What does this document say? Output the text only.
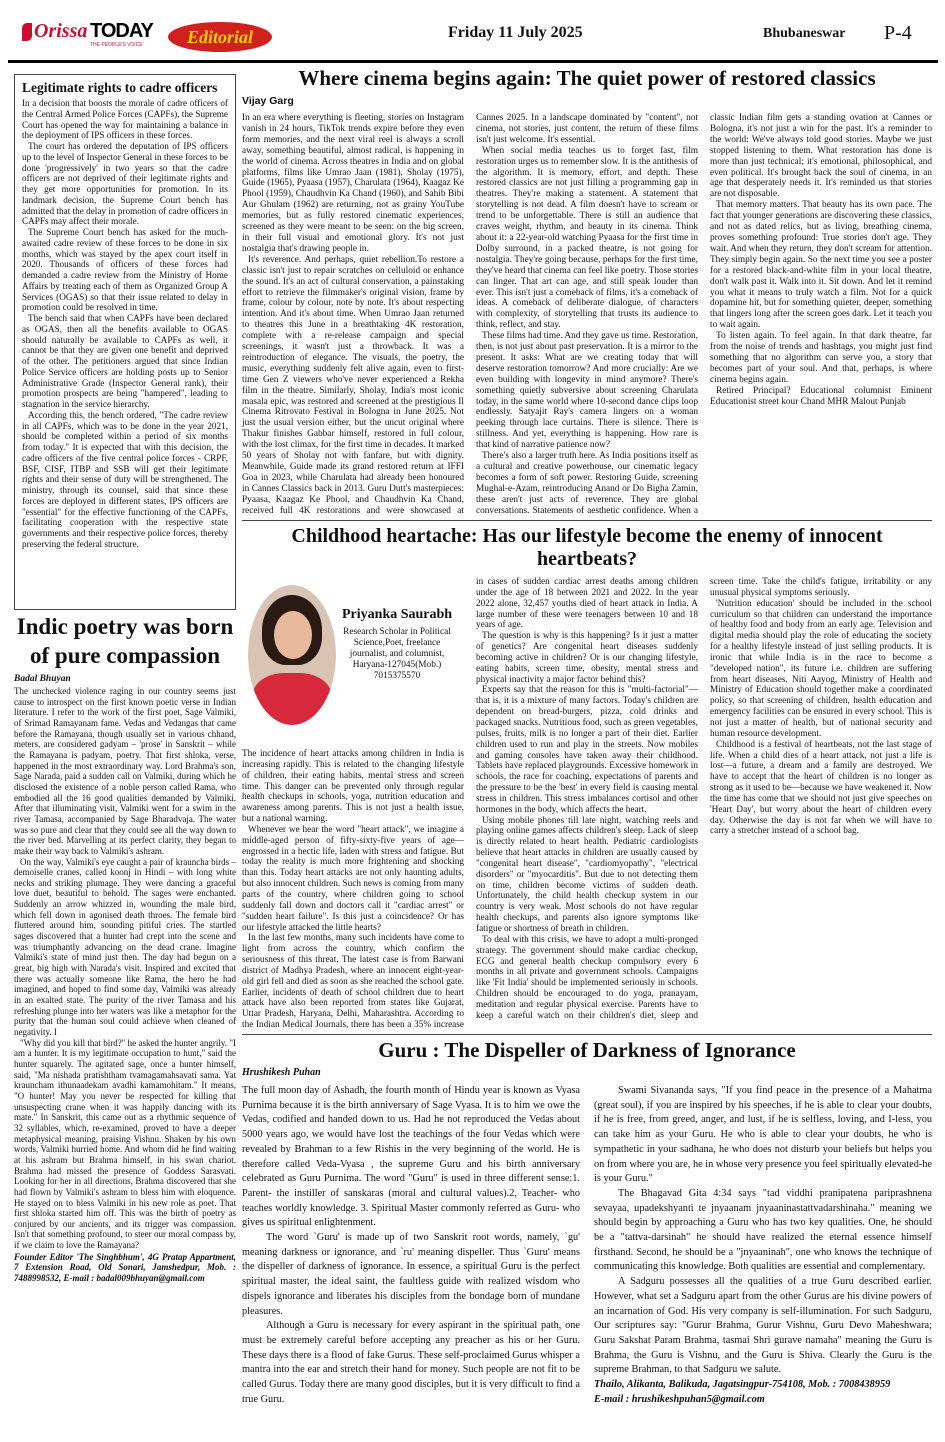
Orissa TODAY
THE PEOPLE'S VOICE Editorial	Friday 11 July 2025	Bhubaneswar P-4
Legitimate rights to cadre officers

In a decision that boosts the morale of cadre officers of the Central Armed Police Forces (CAPFs), the Supreme Court has opened the way for maintaining a balance in the deployment of IPS officers in these forces.

The court has ordered the deputation of IPS officers up to the level of Inspector General in these forces to be done 'progressively' in two years so that the cadre officers are not deprived of their legitimate rights and they get more opportunities for promotion. In its landmark decision, the Supreme Court bench has admitted that the delay in promotion of cadre officers in CAPFs may affect their morale.

The Supreme Court bench has asked for the much-awaited cadre review of these forces to be done in six months, which was stayed by the apex court itself in 2020. Thousands of officers of these forces had demanded a cadre review from the Ministry of Home Affairs by treating each of them as Organized Group A Services (OGAS) so that their issue related to delay in promotion could be resolved in time.

The bench said that when CAPFs have been declared as OGAS, then all the benefits available to OGAS should naturally be available to CAPFs as well, it cannot be that they are given one benefit and deprived of the other. The petitioners argued that since Indian Police Service officers are holding posts up to Senior Administrative Grade (Inspector General rank), their promotion prospects are being "hampered", leading to stagnation in the service hierarchy.

According this, the bench ordered, "The cadre review in all CAPFs, which was to be done in the year 2021, should be completed within a period of six months from today." It is expected that with this decision, the cadre officers of the five central police forces - CRPF, BSF, CISF, ITBP and SSB will get their legitimate rights and their sense of duty will be strengthened. The ministry, through its counsel, said that since these forces are deployed in different states, IPS officers are "essential" for the effective functioning of the CAPFs, facilitating cooperation with the respective state governments and their respective police forces, thereby preserving the federal structure.

Indic poetry was born of pure compassion
Badal Bhuyan

The unchecked violence raging in our country seems just cause to introspect on the first known poetic verse in Indian literature. I refer to the work of the first poet, Sage Valmiki, of Srimad Ramayanam fame. Vedas and Vedangas that came before the Ramayana, though usually set in various chhand, meters, are considered gadyam – 'prose' in Sanskrit – while the Ramayana is padyam, poetry. That first shloka, verse, happened in the most extraordinary way. Lord Brahma's son, Sage Narada, paid a sudden call on Valmiki, during which he disclosed the existence of a noble person called Rama, who embodied all the 16 good qualities demanded by Valmiki. After that illuminating visit, Valmiki went for a swim in the river Tamasa, accompanied by Sage Bharadvaja. The water was so pure and clear that they could see all the way down to the river bed. Marvelling at its perfect clarity, they began to make their way back to Valmiki's ashram.

On the way, Valmiki's eye caught a pair of krauncha birds – demoiselle cranes, called koonj in Hindi – with long white necks and striking plumage. They were dancing a graceful love duet, beautiful to behold. The sages were enchanted. Suddenly an arrow whizzed in, wounding the male bird, which fell down in agonised death throes. The female bird fluttered around him, sounding pitiful cries. The startled sages discovered that a hunter had crept into the scene and was triumphantly advancing on the dead crane. Imagine Valmiki's state of mind just then. The day had begun on a great, big high with Narada's visit. Inspired and excited that there was actually someone like Rama, the hero he had imagined, and hoped to find some day, Valmiki was already in an exalted state. The purity of the river Tamasa and his refreshing plunge into her waters was like a metaphor for the purity that the human soul could achieve when cleaned of negativity. I

"Why did you kill that bird?" he asked the hunter angrily. "I am a hunter. It is my legitimate occupation to hunt," said the hunter squarely. The agitated sage, once a hunter himself, said, "Ma nishada pratishtham tvamagamahsavati sama. Yat krauncham ithunaadekam avadhi kamamohitam." It means, "O hunter! May you never be respected for killing that unsuspecting crane when it was happily dancing with its mate." In Sanskrit, this came out as a rhythmic sequence of 32 syllables, which, re-examined, proved to have a deeper metaphysical meaning, praising Vishnu. Shaken by his own words, Valmiki hurried home. And whom did he find waiting at his ashram but Brahma himself, in his swan chariot. Brahma had missed the presence of Goddess Sarasvati. Looking for her in all directions, Brahma discovered that she had flown by Valmiki's ashram to bless him with eloquence. He stayed on to bless Valmiki in his new role as poet. That first shloka started him off. This was the birth of poetry as conjured by our ancients, and its trigger was compassion. Isn't that something profound, to steer our moral compass by, if we claim to love the Ramayana?

Founder Editor 'The Singhbhum', 4G Pratap Appartment, 7 Extension Road, Old Sonari, Jamshedpur, Mob. : 7488998532, E-mail : badal009bhuyan@gmail.com

Where cinema begins again: The quiet power of restored classics
Vijay Garg

In an era where everything is fleeting, stories on Instagram vanish in 24 hours, TikTok trends expire before they even form memories, and the next viral reel is always a scroll away, something beautiful, almost radical, is happening in the world of cinema. Across theatres in India and on global platforms, films like Umrao Jaan (1981), Sholay (1975), Guide (1965), Pyaasa (1957), Charulata (1964), Kaagaz Ke Phool (1959), Chaudhvin Ka Chand (1960), and Sahib Bibi Aur Ghulam (1962) are returning, not as grainy YouTube memories, but as fully restored cinematic experiences, screened as they were meant to be seen: on the big screen, in their full visual and emotional glory. It's not just nostalgia that's drawing people in.

It's reverence. And perhaps, quiet rebellion.To restore a classic isn't just to repair scratches on celluloid or enhance the sound. It's an act of cultural conservation, a painstaking effort to retrieve the filmmaker's original vision, frame by frame, colour by colour, note by note. It's about respecting intention. And it's about time. When Umrao Jaan returned to theatres this June in a breathtaking 4K restoration, complete with a re-release campaign and special screenings, it wasn't just a throwback. It was a reintroduction of elegance. The visuals, the poetry, the music, everything suddenly felt alive again, even to first-time Gen Z viewers who've never experienced a Rekha film in the theatre. Similarly, Sholay, India's most iconic masala epic, was restored and screened at the prestigious Il Cinema Ritrovato Festival in Bologna in June 2025. Not just the usual version either, but the uncut original where Thakur finishes Gabbar himself, restored in full colour, with the lost climax, for the first time in decades. It marked 50 years of Sholay not with fanfare, but with dignity. Meanwhile, Guide made its grand restored return at IFFI Goa in 2023, while Charulata had already been honoured in Cannes Classics back in 2013. Guru Dutt's masterpieces: Pyaasa, Kaagaz Ke Phool, and Chaudhvin Ka Chand, received full 4K restorations and were showcased at Cannes 2025. In a landscape dominated by "content", not cinema, not stories, just content, the return of these films isn't just welcome. It's essential.

When social media teaches us to forget fast, film restoration urges us to remember slow. It is the antithesis of the algorithm. It is memory, effort, and depth. These restored classics are not just filling a programming gap in theatres. They're making a statement. A statement that storytelling is not dead. A film doesn't have to scream or trend to be unforgettable. There is still an audience that craves weight, rhythm, and beauty in its cinema. Think about it: a 22-year-old watching Pyaasa for the first time in Dolby surround, in a packed theatre, is not going for nostalgia. They're going because, perhaps for the first time, they've heard that cinema can feel like poetry. Those stories can linger. That art can age, and still speak louder than ever. This isn't just a comeback of films, it's a comeback of ideas. A comeback of deliberate dialogue, of characters with complexity, of storytelling that trusts its audience to think, reflect, and stay.

These films had time. And they gave us time. Restoration, then, is not just about past preservation. It is a mirror to the present. It asks: What are we creating today that will deserve restoration tomorrow? And more crucially: Are we even building with longevity in mind anymore? There's something quietly subversive about screening Charulata today, in the same world where 10-second dance clips loop endlessly. Satyajit Ray's camera lingers on a woman peeking through lace curtains. There is silence. There is stillness. And yet, everything is happening. How rare is that kind of narrative patience now?

There's also a larger truth here. As India positions itself as a cultural and creative powerhouse, our cinematic legacy becomes a form of soft power. Restoring Guide, screening Mughal-e-Azam, reintroducing Anand or Do Bigha Zamin, these aren't just acts of reverence. They are global conversations. Statements of aesthetic confidence. When a classic Indian film gets a standing ovation at Cannes or Bologna, it's not just a win for the past. It's a reminder to the world: We've always told good stories. Maybe we just stopped listening to them. What restoration has done is more than just technical; it's emotional, philosophical, and even political. It's brought back the soul of cinema, in an age that desperately needs it. It's reminded us that stories are not disposable.

That memory matters. That beauty has its own pace. The fact that younger generations are discovering these classics, and not as dated relics, but as living, breathing cinema, proves something profound: True stories don't age. They wait. And when they return, they don't scream for attention. They simply begin again. So the next time you see a poster for a restored black-and-white film in your local theatre, don't walk past it. Walk into it. Sit down. And let it remind you what it means to truly watch a film. Not for a quick dopamine hit, but for something quieter, deeper, something that lingers long after the screen goes dark. Let it teach you to wait again.

To listen again. To feel again. In that dark theatre, far from the noise of trends and hashtags, you might just find something that no algorithm can serve you, a story that becomes part of your soul. And that, perhaps, is where cinema begins again.

Retired Principal? Educational columnist Eminent Educationist street kour Chand MHR Malout Punjab

Childhood heartache: Has our lifestyle become the enemy of innocent heartbeats?
Priyanka Saurabh
Research Scholar in Political Science,Poet, freelance journalist, and columnist, Haryana-127045(Mob.) 7015375570

The incidence of heart attacks among children in India is increasing rapidly. This is related to the changing lifestyle of children, their eating habits, mental stress and screen time. This danger can be prevented only through regular health checkups in schools, yoga, nutrition education and awareness among parents. This is not just a health issue, but a national warning.

Whenever we hear the word "heart attack", we imagine a middle-aged person of fifty-sixty-five years of age—engrossed in a hectic life, laden with stress and fatigue. But today the reality is much more frightening and shocking than this. Today heart attacks are not only haunting adults, but also innocent children. Such news is coming from many parts of the country, where children going to school suddenly fall down and doctors call it "cardiac arrest" or "sudden heart failure". Is this just a coincidence? Or has our lifestyle attacked the little hearts?

In the last few months, many such incidents have come to light from across the country, which confirm the seriousness of this threat. The latest case is from Barwani district of Madhya Pradesh, where an innocent eight-year-old girl fell and died as soon as she reached the school gate. Earlier, incidents of death of school children due to heart attack have also been reported from states like Gujarat, Uttar Pradesh, Haryana, Delhi, Maharashtra. According to the Indian Medical Journals, there has been a 35% increase in cases of sudden cardiac arrest deaths among children under the age of 18 between 2021 and 2022. In the year 2022 alone, 32,457 youths died of heart attack in India. A large number of these were teenagers between 10 and 18 years of age.

The question is why is this happening? Is it just a matter of genetics? Are congenital heart diseases suddenly becoming active in children? Or is our changing lifestyle, eating habits, screen time, obesity, mental stress and physical inactivity a major factor behind this?

Experts say that the reason for this is "multi-factorial"—that is, it is a mixture of many factors. Today's children are dependent on bread-burgers, pizza, cold drinks and packaged snacks. Nutritious food, such as green vegetables, pulses, fruits, milk is no longer a part of their diet. Earlier children used to run and play in the streets. Now mobiles and gaming consoles have taken away their childhood. Tablets have replaced playgrounds. Excessive homework in schools, the race for coaching, expectations of parents and the pressure to be the 'best' in every field is causing mental stress in children. This stress imbalances cortisol and other hormones in the body, which affects the heart.

Using mobile phones till late night, watching reels and playing online games affects children's sleep. Lack of sleep is directly related to heart health. Pediatric cardiologists believe that heart attacks in children are usually caused by "congenital heart disease", "cardiomyopathy", "electrical disorders" or "myocarditis". But due to not detecting them on time, children become victims of sudden death. Unfortunately, the child health checkup system in our country is very weak. Most schools do not have regular health checkups, and parents also ignore symptoms like fatigue or shortness of breath in children.

To deal with this crisis, we have to adopt a multi-pronged strategy. The government should make cardiac checkup, ECG and general health checkup compulsory every 6 months in all private and government schools. Campaigns like 'Fit India' should be implemented seriously in schools. Children should be encouraged to do yoga, pranayam, meditation and regular physical exercise. Parents have to keep a careful watch on their children's diet, sleep and screen time. Take the child's fatigue, irritability or any unusual physical symptoms seriously.

'Nutrition education' should be included in the school curriculum so that children can understand the importance of healthy food and body from an early age. Television and digital media should play the role of educating the society for a healthy lifestyle instead of just selling products. It is ironic that while India is in the race to become a "developed nation", its future i.e. children are suffering from heart diseases. Niti Aayog, Ministry of Health and Ministry of Education should together make a coordinated policy, so that screening of children, health education and emergency facilities can be ensured in every school. This is not just a matter of health, but of national security and human resource development.

Childhood is a festival of heartbeats, not the last stage of life. When a child dies of a heart attack, not just a life is lost—a future, a dream and a family are destroyed. We have to accept that the heart of children is no longer as strong as it used to be—because we have weakened it. Now the time has come that we should not just give speeches on 'Heart Day', but worry about the heart of children every day. Otherwise the day is not far when we will have to carry a stretcher instead of a school bag.

Guru : The Dispeller of Darkness of Ignorance
Hrushikesh Puhan

The full moon day of Ashadh, the fourth month of Hindu year is known as Vyasa Purnima because it is the birth anniversary of Sage Vyasa. It is to him we owe the Vedas, codified and handed down to us. Had he not reproduced the Vedas about 5000 years ago, we would have lost the teachings of the four Vedas which were revealed by Brahman to a few Rishis in the very beginning of the world. He is therefore called Veda-Vyasa , the supreme Guru and his birth anniversary celebrated as Guru Purnima. The word "Guru" is used in three different sense:1. Parent- the instiller of sanskaras (moral and cultural values).2, Teacher- who teaches worldly knowledge. 3. Spiritual Master commonly referred as Guru- who gives us spiritual enlightenment.

The word `Guru' is made up of two Sanskrit root words, namely, `gu' meaning darkness or ignorance, and `ru' meaning dispeller. Thus `Guru' means the dispeller of darkness of ignorance. In essence, a spiritual Guru is the perfect spiritual master, the ideal saint, the faultless guide with realized wisdom who dispels ignorance and liberates his disciples from the bondage born of mundane pleasures.

Although a Guru is necessary for every aspirant in the spiritual path, one must be extremely careful before accepting any preacher as his or her Guru. These days there is a flood of fake Gurus. These self-proclaimed Gurus whisper a mantra into the ear and stretch their hand for money. Such people are not fit to be called Gurus. Today there are many good disciples, but it is very difficult to find a true Guru.

Swami Sivananda says, "If you find peace in the presence of a Mahatma (great soul), if you are inspired by his speeches, if he is able to clear your doubts, if he is free, from greed, anger, and lust, if he is selfless, loving, and I-less, you can take him as your Guru. He who is able to clear your doubts, he who is sympathetic in your sadhana, he who does not disturb your beliefs but helps you on from where you are, he in whose very presence you feel spiritually elevated-he is your Guru."

The Bhagavad Gita 4:34 says "tad viddhi pranipatena pariprashnena sevayaa, upadekshyanti te jnyaanam jnyaaninastattvadarshinaha." meaning we should begin by approaching a Guru who has two key qualities. One, he should be a "tattva-darsinah" he should have realized the eternal essence himself firsthand. Second, he should be a "jnyaaninah", one who knows the technique of communicating this knowledge. Both qualities are essential and complementary.

A Sadguru possesses all the qualities of a true Guru described earlier. However, what set a Sadguru apart from the other Gurus are his divine powers of an incarnation of God. His very company is self-illumination. For such Sadguru, Our scriptures say: "Gurur Brahma, Gurur Vishnu, Guru Devo Maheshwara; Guru Sakshat Param Brahma, tasmai Shri gurave namaha" meaning the Guru is Brahma, the Guru is Vishnu, and the Guru is Shiva. Clearly the Guru is the supreme Brahman, to that Sadguru we salute.

Thailo, Alikanta, Balikuda, Jagatsingpur-754108, Mob. : 7008438959

E-mail : hrushikeshpuhan5@gmail.com
